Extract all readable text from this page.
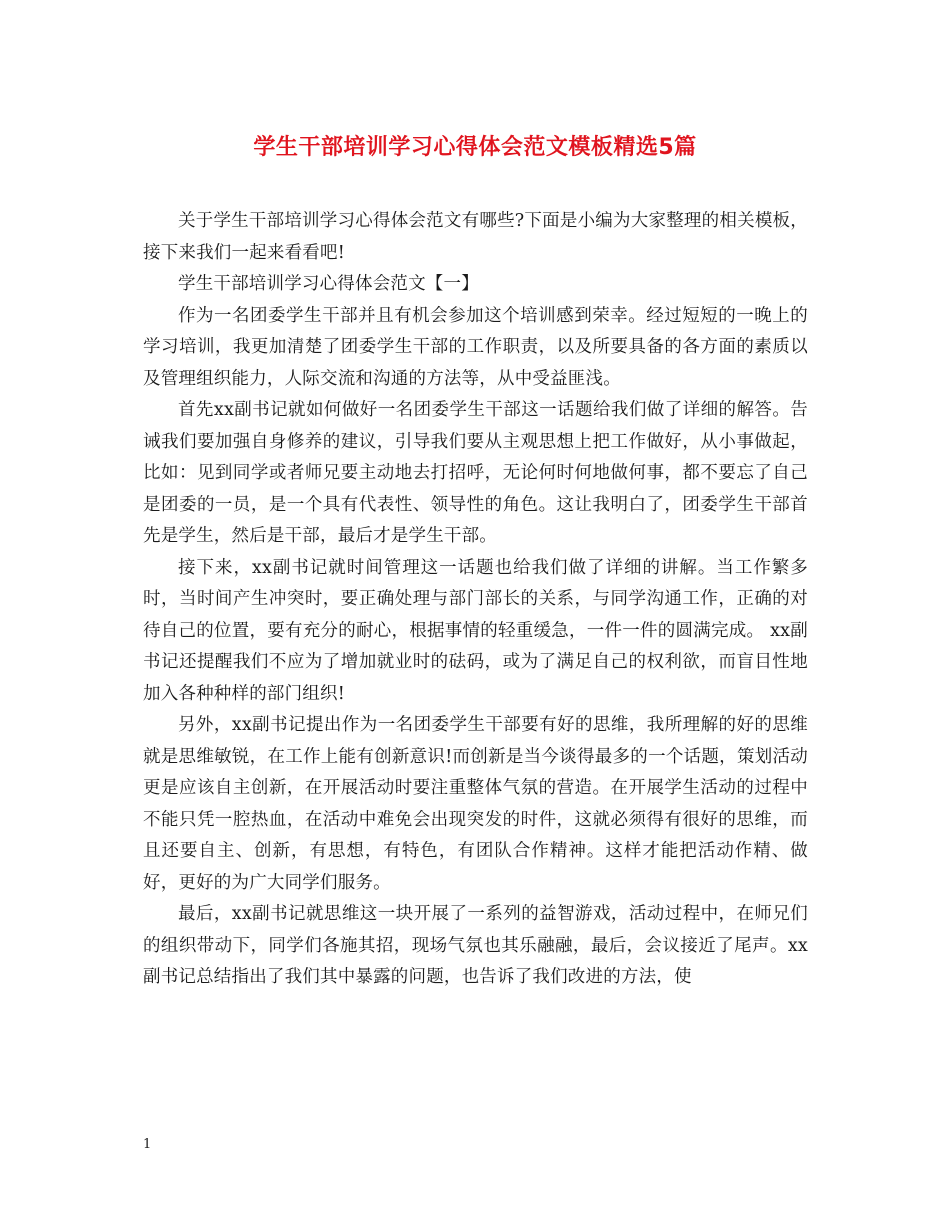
学生干部培训学习心得体会范文模板精选5篇

关于学生干部培训学习心得体会范文有哪些?下面是小编为大家整理的相关模板，接下来我们一起来看看吧!

学生干部培训学习心得体会范文【一】

作为一名团委学生干部并且有机会参加这个培训感到荣幸。经过短短的一晚上的学习培训，我更加清楚了团委学生干部的工作职责，以及所要具备的各方面的素质以及管理组织能力，人际交流和沟通的方法等，从中受益匪浅。

首先xx副书记就如何做好一名团委学生干部这一话题给我们做了详细的解答。告诫我们要加强自身修养的建议，引导我们要从主观思想上把工作做好，从小事做起，比如：见到同学或者师兄要主动地去打招呼，无论何时何地做何事，都不要忘了自己是团委的一员，是一个具有代表性、领导性的角色。这让我明白了，团委学生干部首先是学生，然后是干部，最后才是学生干部。

接下来，xx副书记就时间管理这一话题也给我们做了详细的讲解。当工作繁多时，当时间产生冲突时，要正确处理与部门部长的关系，与同学沟通工作，正确的对待自己的位置，要有充分的耐心，根据事情的轻重缓急，一件一件的圆满完成。 xx副书记还提醒我们不应为了增加就业时的砝码，或为了满足自己的权利欲，而盲目性地加入各种种样的部门组织!

另外，xx副书记提出作为一名团委学生干部要有好的思维，我所理解的好的思维就是思维敏锐，在工作上能有创新意识!而创新是当今谈得最多的一个话题，策划活动更是应该自主创新，在开展活动时要注重整体气氛的营造。在开展学生活动的过程中不能只凭一腔热血，在活动中难免会出现突发的时件，这就必须得有很好的思维，而且还要自主、创新，有思想，有特色，有团队合作精神。这样才能把活动作精、做好，更好的为广大同学们服务。

最后，xx副书记就思维这一块开展了一系列的益智游戏，活动过程中，在师兄们的组织带动下，同学们各施其招，现场气氛也其乐融融，最后，会议接近了尾声。xx副书记总结指出了我们其中暴露的问题，也告诉了我们改进的方法，使

1
